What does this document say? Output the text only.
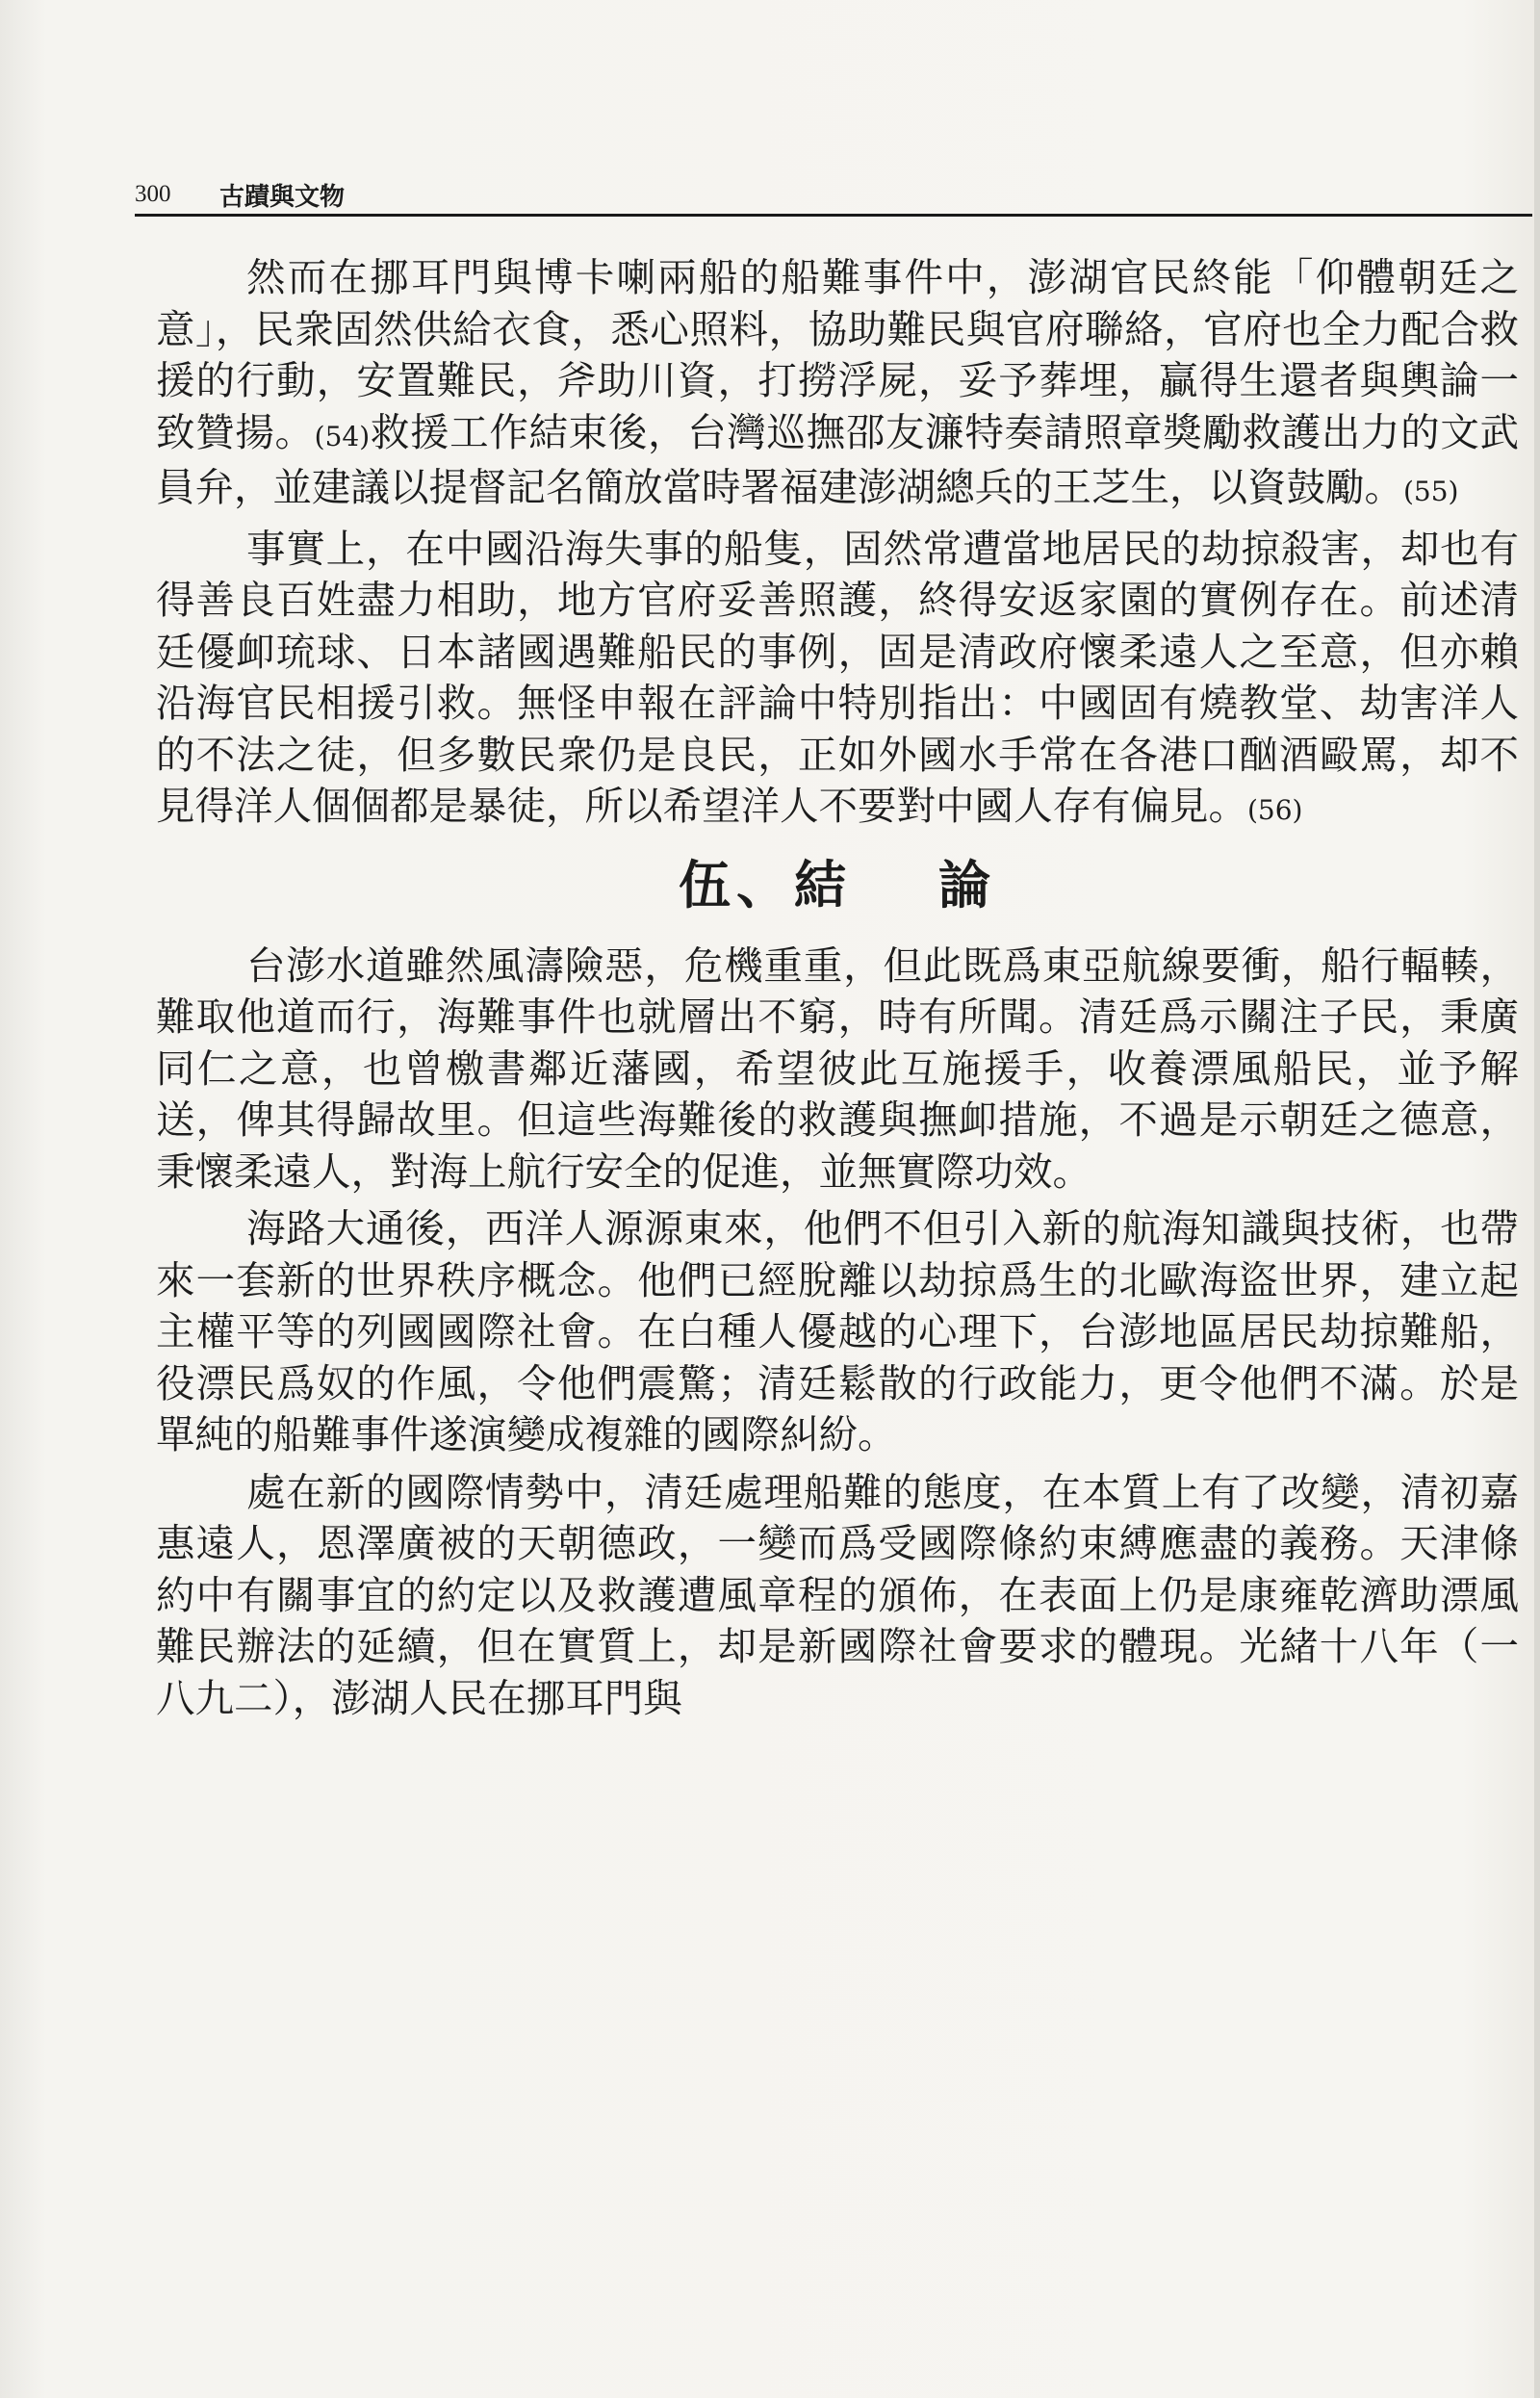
300 古蹟與文物

然而在挪耳門與博卡喇兩船的船難事件中，澎湖官民終能「仰體朝廷之意」，民衆固然供給衣食，悉心照料，協助難民與官府聯絡，官府也全力配合救援的行動，安置難民，斧助川資，打撈浮屍，妥予葬埋，贏得生還者與輿論一致贊揚。(54)救援工作結束後，台灣巡撫邵友濂特奏請照章獎勵救護出力的文武員弁，並建議以提督記名簡放當時署福建澎湖總兵的王芝生，以資鼓勵。(55)

事實上，在中國沿海失事的船隻，固然常遭當地居民的劫掠殺害，却也有得善良百姓盡力相助，地方官府妥善照護，終得安返家園的實例存在。前述清廷優卹琉球、日本諸國遇難船民的事例，固是清政府懷柔遠人之至意，但亦賴沿海官民相援引救。無怪申報在評論中特別指出：中國固有燒教堂、劫害洋人的不法之徒，但多數民衆仍是良民，正如外國水手常在各港口酗酒毆罵，却不見得洋人個個都是暴徒，所以希望洋人不要對中國人存有偏見。(56)

伍、結 論

台澎水道雖然風濤險惡，危機重重，但此既爲東亞航線要衝，船行輻輳，難取他道而行，海難事件也就層出不窮，時有所聞。清廷爲示關注子民，秉廣同仁之意，也曾檄書鄰近藩國，希望彼此互施援手，收養漂風船民，並予解送，俾其得歸故里。但這些海難後的救護與撫卹措施，不過是示朝廷之德意，秉懷柔遠人，對海上航行安全的促進，並無實際功效。

海路大通後，西洋人源源東來，他們不但引入新的航海知識與技術，也帶來一套新的世界秩序概念。他們已經脫離以劫掠爲生的北歐海盜世界，建立起主權平等的列國國際社會。在白種人優越的心理下，台澎地區居民劫掠難船，役漂民爲奴的作風，令他們震驚；清廷鬆散的行政能力，更令他們不滿。於是單純的船難事件遂演變成複雜的國際糾紛。

處在新的國際情勢中，清廷處理船難的態度，在本質上有了改變，清初嘉惠遠人，恩澤廣被的天朝德政，一變而爲受國際條約束縛應盡的義務。天津條約中有關事宜的約定以及救護遭風章程的頒佈，在表面上仍是康雍乾濟助漂風難民辦法的延續，但在實質上，却是新國際社會要求的體現。光緒十八年（一八九二），澎湖人民在挪耳門與
